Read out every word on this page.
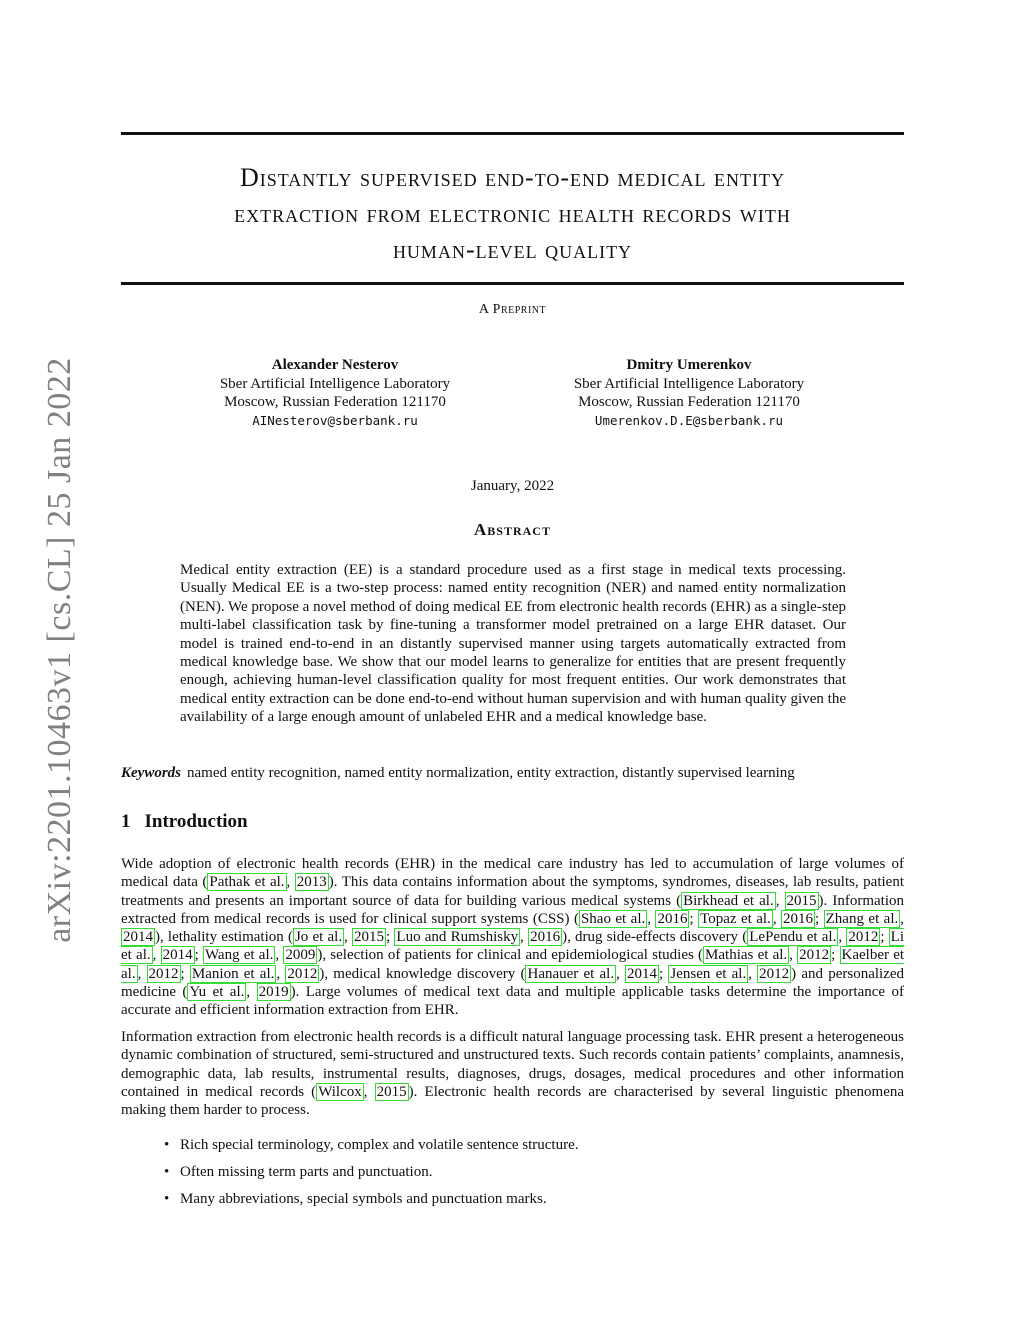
arXiv:2201.10463v1 [cs.CL] 25 Jan 2022
Distantly supervised end-to-end medical entity
extraction from electronic health records with
human-level quality
A Preprint
Alexander Nesterov
Sber Artificial Intelligence Laboratory
Moscow, Russian Federation 121170
AINesterov@sberbank.ru
Dmitry Umerenkov
Sber Artificial Intelligence Laboratory
Moscow, Russian Federation 121170
Umerenkov.D.E@sberbank.ru
January, 2022
Abstract

Medical entity extraction (EE) is a standard procedure used as a first stage in medical texts processing. Usually Medical EE is a two-step process: named entity recognition (NER) and named entity normalization (NEN). We propose a novel method of doing medical EE from electronic health records (EHR) as a single-step multi-label classification task by fine-tuning a transformer model pretrained on a large EHR dataset. Our model is trained end-to-end in an distantly supervised manner using targets automatically extracted from medical knowledge base. We show that our model learns to generalize for entities that are present frequently enough, achieving human-level classification quality for most frequent entities. Our work demonstrates that medical entity extraction can be done end-to-end without human supervision and with human quality given the availability of a large enough amount of unlabeled EHR and a medical knowledge base.

Keywords named entity recognition, named entity normalization, entity extraction, distantly supervised learning

1 Introduction

Wide adoption of electronic health records (EHR) in the medical care industry has led to accumulation of large volumes of medical data ( Pathak et al. , 2013 ). This data contains information about the symptoms, syndromes, diseases, lab results, patient treatments and presents an important source of data for building various medical systems ( Birkhead et al. , 2015 ). Information extracted from medical records is used for clinical support systems (CSS) ( Shao et al. , 2016 ; Topaz et al. , 2016 ; Zhang et al. , 2014 ), lethality estimation ( Jo et al. , 2015 ; Luo and Rumshisky , 2016 ), drug side-effects discovery ( LePendu et al. , 2012 ; Li et al. , 2014 ; Wang et al. , 2009 ), selection of patients for clinical and epidemiological studies ( Mathias et al. , 2012 ; Kaelber et al. , 2012 ; Manion et al. , 2012 ), medical knowledge discovery ( Hanauer et al. , 2014 ; Jensen et al. , 2012 ) and personalized medicine ( Yu et al. , 2019 ). Large volumes of medical text data and multiple applicable tasks determine the importance of accurate and efficient information extraction from EHR.

Information extraction from electronic health records is a difficult natural language processing task. EHR present a heterogeneous dynamic combination of structured, semi-structured and unstructured texts. Such records contain patients’ complaints, anamnesis, demographic data, lab results, instrumental results, diagnoses, drugs, dosages, medical procedures and other information contained in medical records ( Wilcox , 2015 ). Electronic health records are characterised by several linguistic phenomena making them harder to process.

• Rich special terminology, complex and volatile sentence structure.
• Often missing term parts and punctuation.
• Many abbreviations, special symbols and punctuation marks.
